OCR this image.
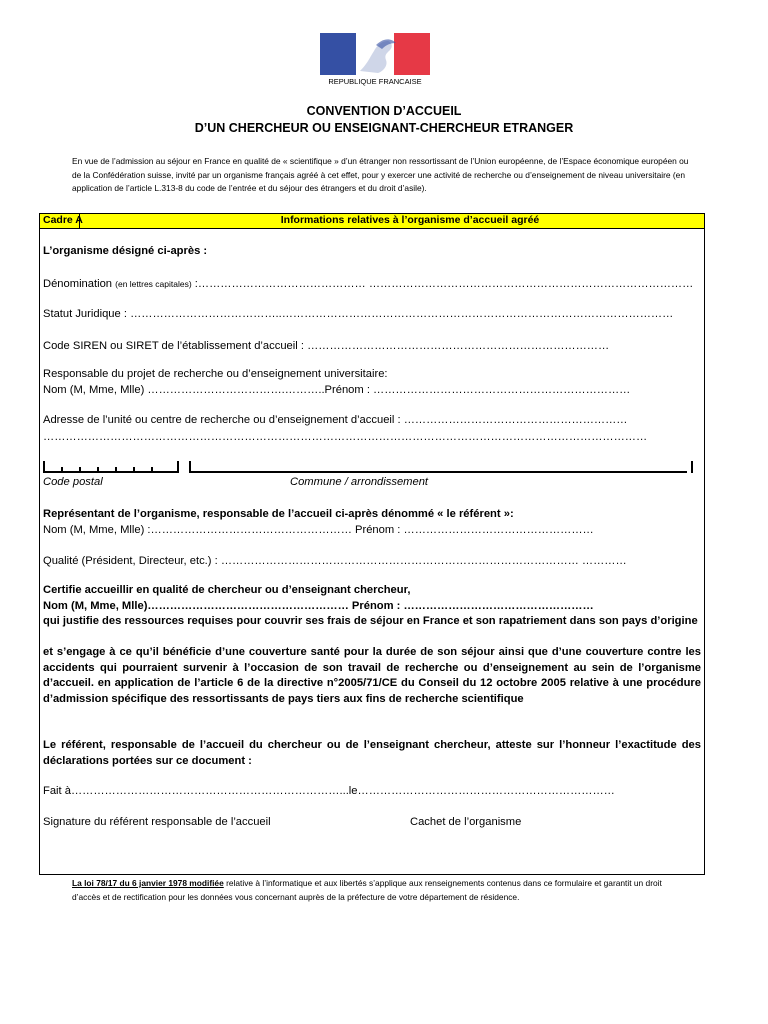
REPUBLIQUE FRANCAISE
CONVENTION D’ACCUEIL
D’UN CHERCHEUR OU ENSEIGNANT-CHERCHEUR ETRANGER
En vue de l’admission au séjour en France en qualité de « scientifique » d’un étranger non ressortissant de l’Union européenne, de l’Espace économique européen ou de la Confédération suisse, invité par un organisme français agréé à cet effet, pour y exercer une activité de recherche ou d’enseignement de niveau universitaire (en application de l’article L.313-8 du code de l’entrée et du séjour des étrangers et du droit d’asile).
Cadre A	Informations relatives à l’organisme d’accueil agréé
L’organisme désigné ci-après :
Dénomination (en lettres capitales) :……………………………………… ……………………………………………………………………………
Statut Juridique : …………………………………..……………………………………………………………………………………………
Code SIREN ou SIRET de l’établissement d’accueil : ………………………………………………………………………
Responsable du projet de recherche ou d’enseignement universitaire:
Nom (M, Mme, Mlle) ……………………………….………..Prénom : ……………………………………………………………
Adresse de l’unité ou centre de recherche ou d’enseignement d’accueil : ……………………………………………………
………………………………………………………………………………………………………………………………………………
Code postal	Commune / arrondissement
Représentant de l’organisme, responsable de l’accueil ci-après dénommé « le référent »:
Nom (M, Mme, Mlle) :……………………………………………… Prénom : ……………………………………………
Qualité (Président, Directeur, etc.) : …………………………………………………………………………………… …………
Certifie accueillir en qualité de chercheur ou d’enseignant chercheur,
Nom (M, Mme, Mlle)……………………………………………… Prénom : ……………………………………………
qui justifie des ressources requises pour couvrir ses frais de séjour en France et son rapatriement dans son pays d’origine
et s’engage à ce qu’il bénéficie d’une couverture santé pour la durée de son séjour ainsi que d’une couverture contre les accidents qui pourraient survenir à l’occasion de son travail de recherche ou d’enseignement au sein de l’organisme d’accueil. en application de l’article 6 de la directive n°2005/71/CE du Conseil du 12 octobre 2005 relative à une procédure d’admission spécifique des ressortissants de pays tiers aux fins de recherche scientifique
Le référent, responsable de l’accueil du chercheur ou de l’enseignant chercheur, atteste sur l’honneur l’exactitude des déclarations portées sur ce document :
Fait à………………………………………………………………...le……………………………………………………………
Signature du référent responsable de l’accueil	Cachet de l’organisme
La loi 78/17 du 6 janvier 1978 modifiée relative à l’informatique et aux libertés s’applique aux renseignements contenus dans ce formulaire et garantit un droit d’accès et de rectification pour les données vous concernant auprès de la préfecture de votre département de résidence.
